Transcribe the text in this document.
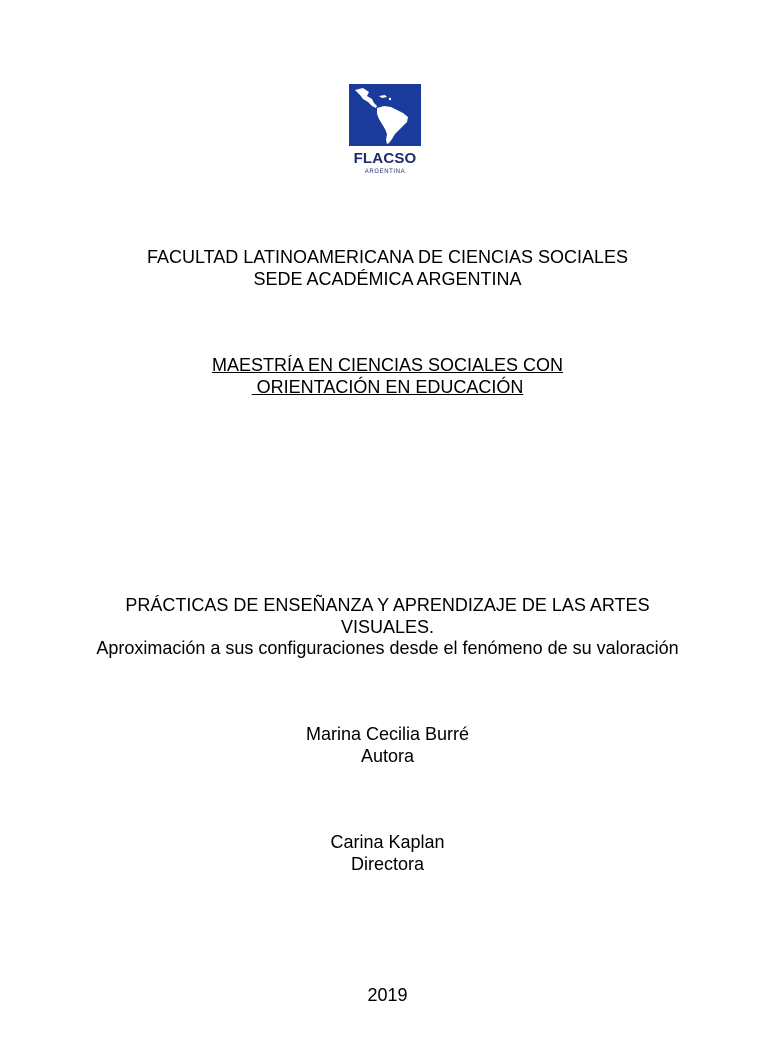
FLACSO
ARGENTINA
FACULTAD LATINOAMERICANA DE CIENCIAS SOCIALES
SEDE ACADÉMICA ARGENTINA
MAESTRÍA EN CIENCIAS SOCIALES CON
ORIENTACIÓN EN EDUCACIÓN
PRÁCTICAS DE ENSEÑANZA Y APRENDIZAJE DE LAS ARTES
VISUALES.
Aproximación a sus configuraciones desde el fenómeno de su valoración
Marina Cecilia Burré
Autora
Carina Kaplan
Directora
2019
